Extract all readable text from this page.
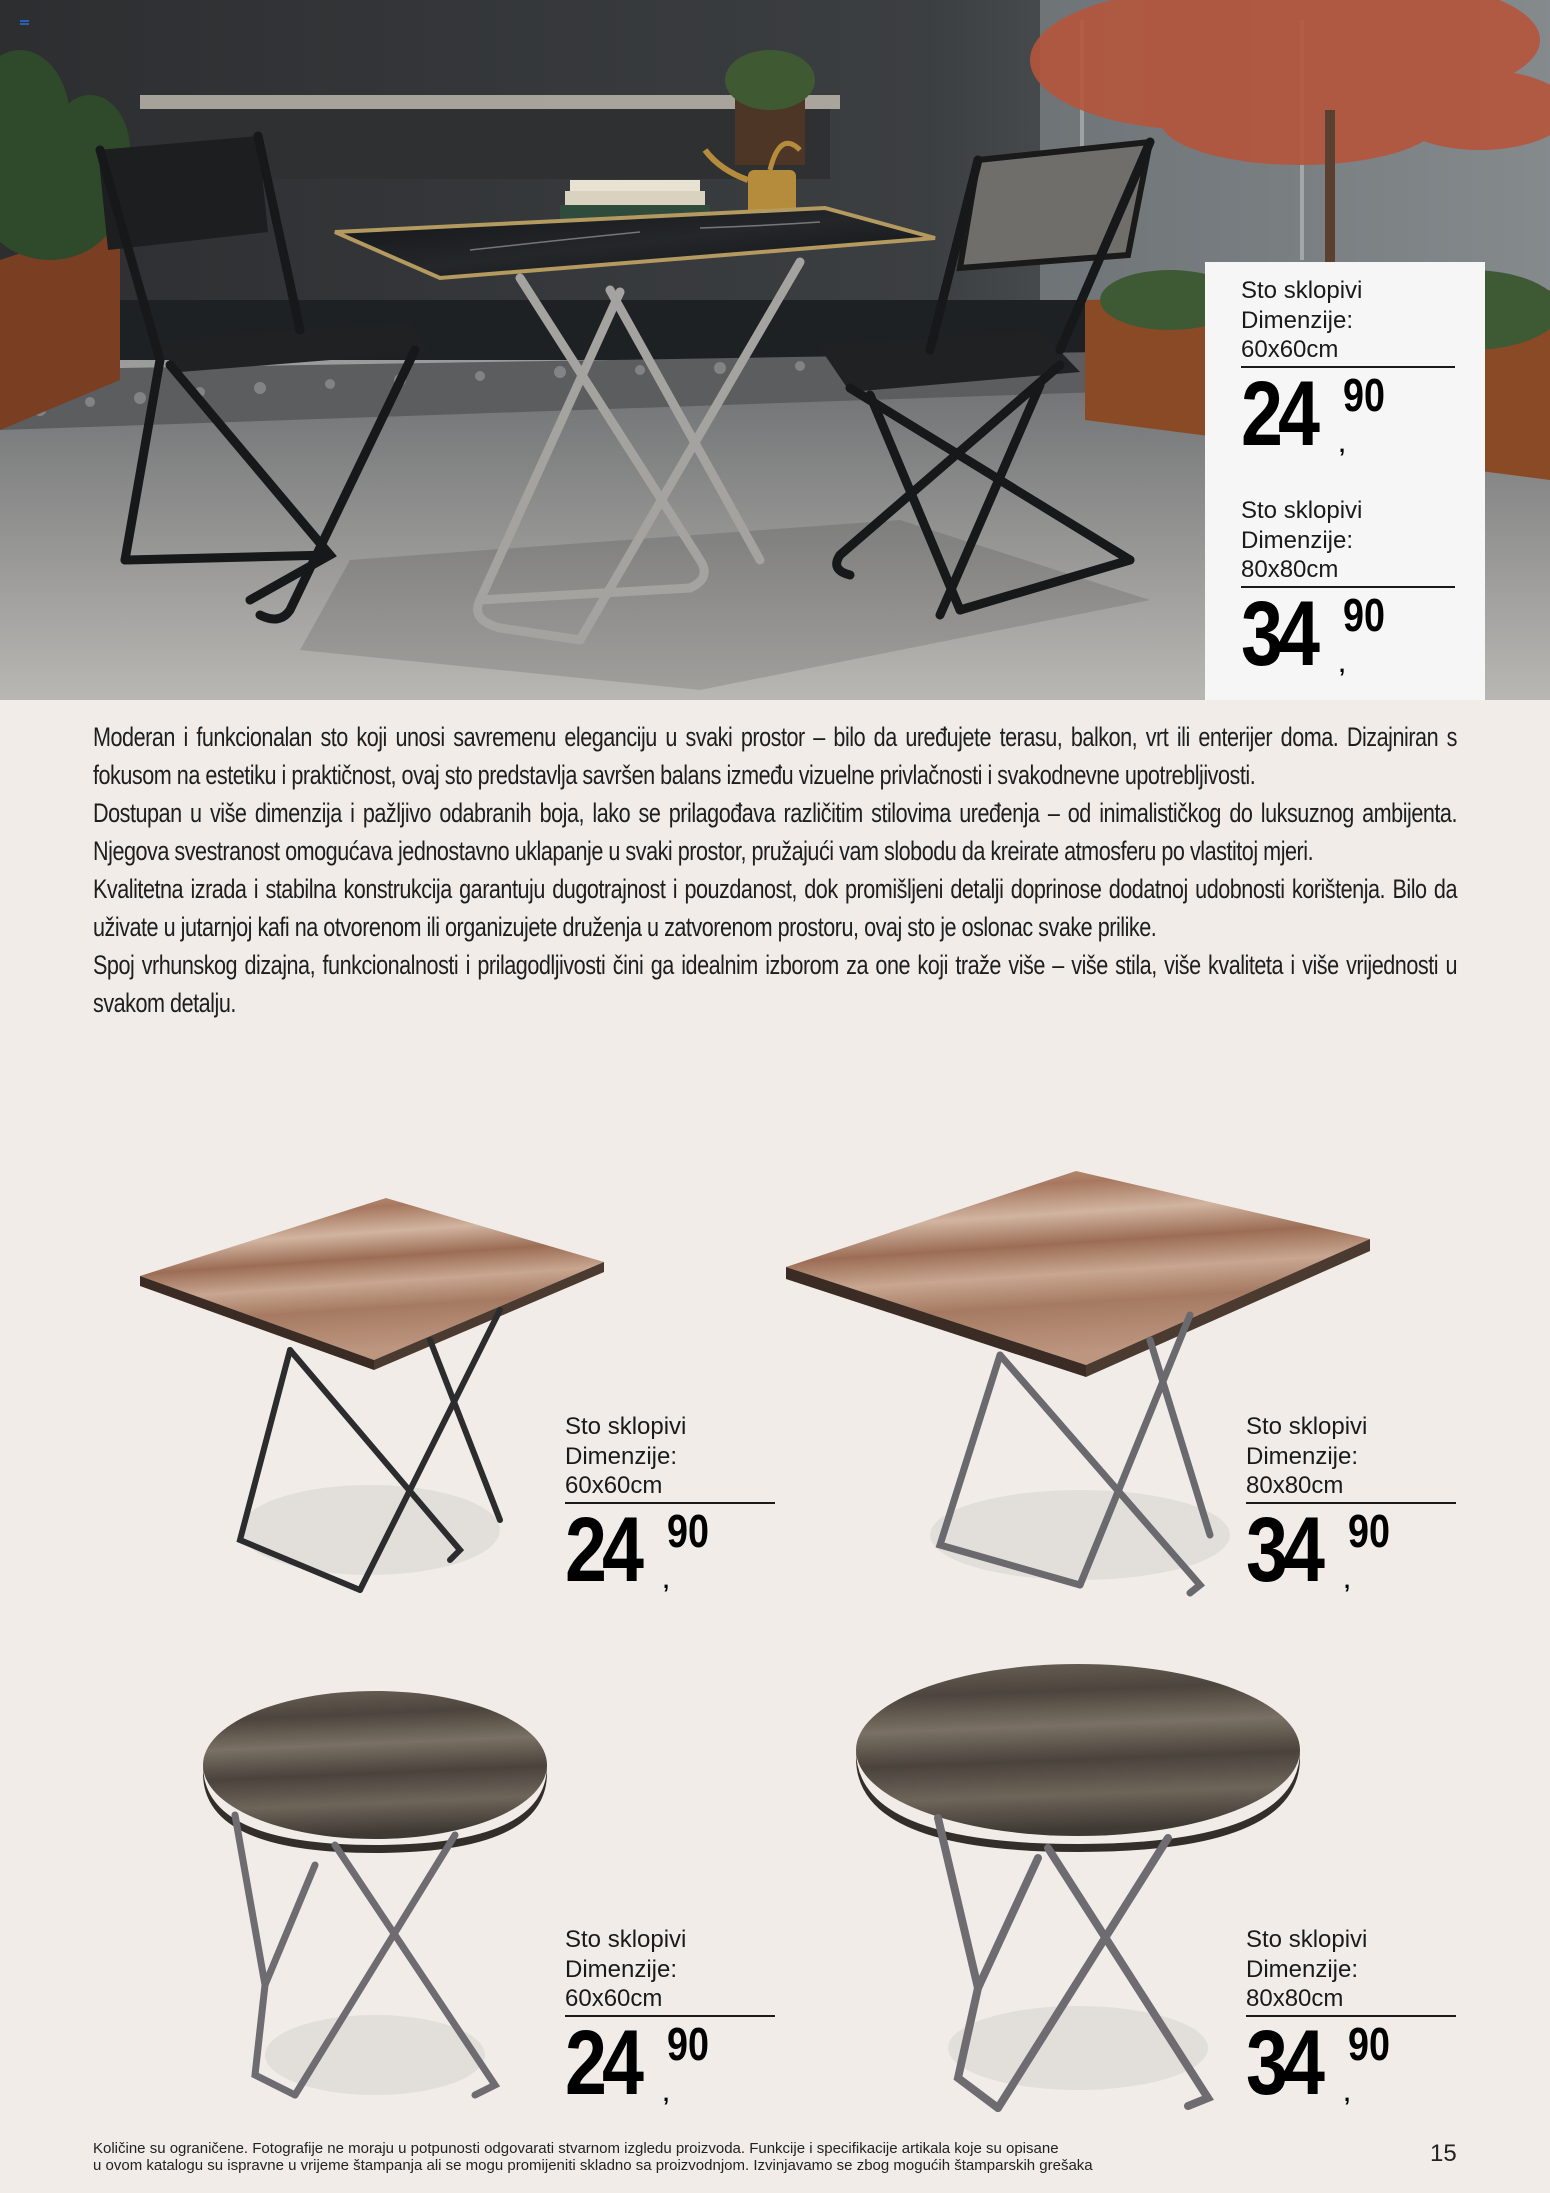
Sto sklopivi
Dimenzije:
60x60cm
24 ,
90
Sto sklopivi
Dimenzije:
80x80cm
34 ,
90

Moderan i funkcionalan sto koji unosi savremenu eleganciju u svaki prostor – bilo da uređujete terasu, balkon, vrt ili enterijer doma. Dizajniran s fokusom na estetiku i praktičnost, ovaj sto predstavlja savršen balans između vizuelne privlačnosti i svakodnevne upotrebljivosti.

Dostupan u više dimenzija i pažljivo odabranih boja, lako se prilagođava različitim stilovima uređenja – od inimalističkog do luksuznog ambijenta. Njegova svestranost omogućava jednostavno uklapanje u svaki prostor, pružajući vam slobodu da kreirate atmosferu po vlastitoj mjeri.

Kvalitetna izrada i stabilna konstrukcija garantuju dugotrajnost i pouzdanost, dok promišljeni detalji doprinose dodatnoj udobnosti korištenja. Bilo da uživate u jutarnjoj kafi na otvorenom ili organizujete druženja u zatvorenom prostoru, ovaj sto je oslonac svake prilike.

Spoj vrhunskog dizajna, funkcionalnosti i prilagodljivosti čini ga idealnim izborom za one koji traže više – više stila, više kvaliteta i više vrijednosti u svakom detalju.

Sto sklopivi
Dimenzije:
60x60cm
24 ,
90
Sto sklopivi
Dimenzije:
80x80cm
34 ,
90
Sto sklopivi
Dimenzije:
60x60cm
24 ,
90
Sto sklopivi
Dimenzije:
80x80cm
34 ,
90
Količine su ograničene. Fotografije ne moraju u potpunosti odgovarati stvarnom izgledu proizvoda. Funkcije i specifikacije artikala koje su opisane
u ovom katalogu su ispravne u vrijeme štampanja ali se mogu promijeniti skladno sa proizvodnjom. Izvinjavamo se zbog mogućih štamparskih grešaka	15
